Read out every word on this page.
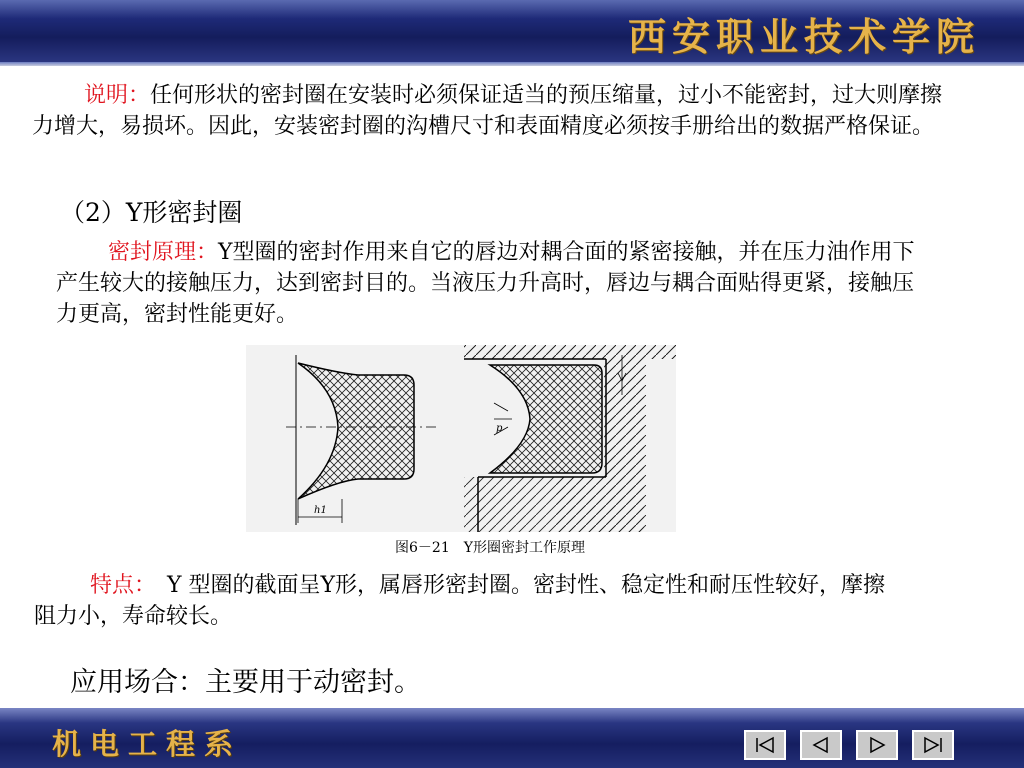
西安职业技术学院
说明：任何形状的密封圈在安装时必须保证适当的预压缩量，过小不能密封，过大则摩擦力增大，易损坏。因此，安装密封圈的沟槽尺寸和表面精度必须按手册给出的数据严格保证。
（2）Y形密封圈
密封原理：Y型圈的密封作用来自它的唇边对耦合面的紧密接触，并在压力油作用下产生较大的接触压力，达到密封目的。当液压力升高时，唇边与耦合面贴得更紧，接触压力更高，密封性能更好。
h1
p
图6－21　Y形圈密封工作原理
特点：　Y 型圈的截面呈Y形，属唇形密封圈。密封性、稳定性和耐压性较好，摩擦阻力小，寿命较长。
应用场合：主要用于动密封。
机电工程系
